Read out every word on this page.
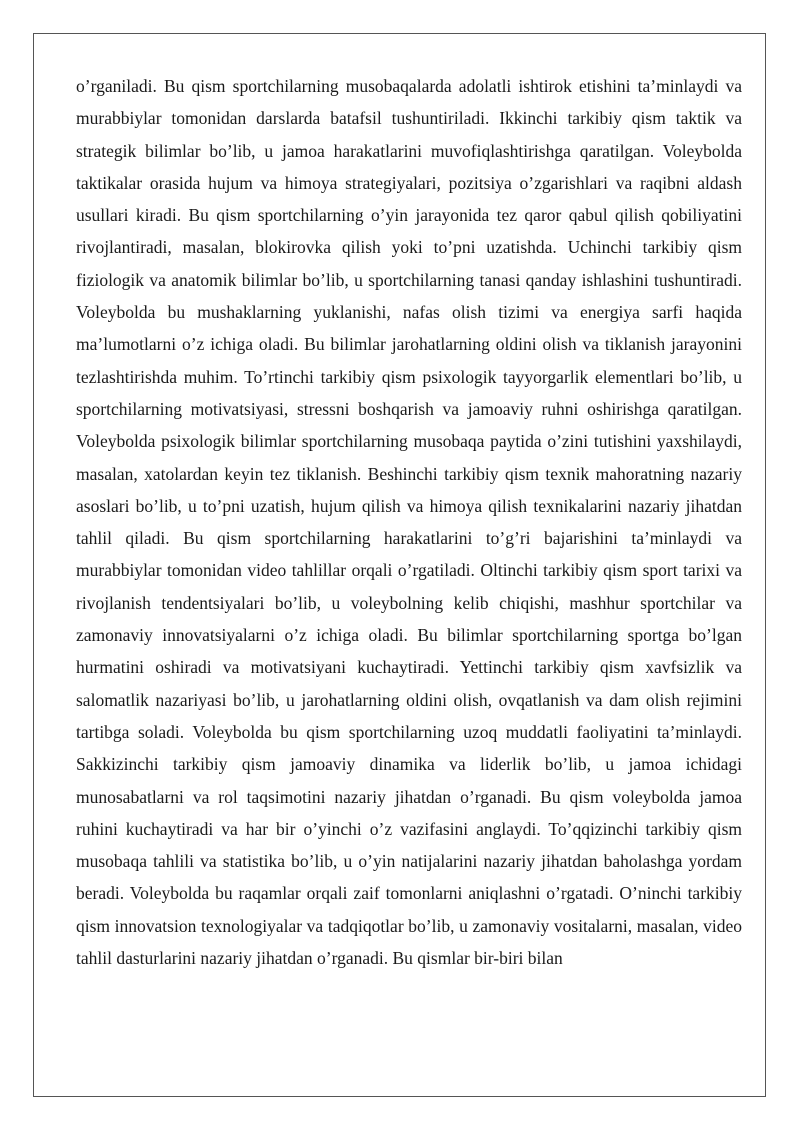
o’rganiladi. Bu qism sportchilarning musobaqalarda adolatli ishtirok etishini ta’minlaydi va murabbiylar tomonidan darslarda batafsil tushuntiriladi. Ikkinchi tarkibiy qism taktik va strategik bilimlar bo’lib, u jamoa harakatlarini muvofiqlashtirishga qaratilgan. Voleybolda taktikalar orasida hujum va himoya strategiyalari, pozitsiya o’zgarishlari va raqibni aldash usullari kiradi. Bu qism sportchilarning o’yin jarayonida tez qaror qabul qilish qobiliyatini rivojlantiradi, masalan, blokirovka qilish yoki to’pni uzatishda. Uchinchi tarkibiy qism fiziologik va anatomik bilimlar bo’lib, u sportchilarning tanasi qanday ishlashini tushuntiradi. Voleybolda bu mushaklarning yuklanishi, nafas olish tizimi va energiya sarfi haqida ma’lumotlarni o’z ichiga oladi. Bu bilimlar jarohatlarning oldini olish va tiklanish jarayonini tezlashtirishda muhim. To’rtinchi tarkibiy qism psixologik tayyorgarlik elementlari bo’lib, u sportchilarning motivatsiyasi, stressni boshqarish va jamoaviy ruhni oshirishga qaratilgan. Voleybolda psixologik bilimlar sportchilarning musobaqa paytida o’zini tutishini yaxshilaydi, masalan, xatolardan keyin tez tiklanish. Beshinchi tarkibiy qism texnik mahoratning nazariy asoslari bo’lib, u to’pni uzatish, hujum qilish va himoya qilish texnikalarini nazariy jihatdan tahlil qiladi. Bu qism sportchilarning harakatlarini to’g’ri bajarishini ta’minlaydi va murabbiylar tomonidan video tahlillar orqali o’rgatiladi. Oltinchi tarkibiy qism sport tarixi va rivojlanish tendentsiyalari bo’lib, u voleybolning kelib chiqishi, mashhur sportchilar va zamonaviy innovatsiyalarni o’z ichiga oladi. Bu bilimlar sportchilarning sportga bo’lgan hurmatini oshiradi va motivatsiyani kuchaytiradi. Yettinchi tarkibiy qism xavfsizlik va salomatlik nazariyasi bo’lib, u jarohatlarning oldini olish, ovqatlanish va dam olish rejimini tartibga soladi. Voleybolda bu qism sportchilarning uzoq muddatli faoliyatini ta’minlaydi. Sakkizinchi tarkibiy qism jamoaviy dinamika va liderlik bo’lib, u jamoa ichidagi munosabatlarni va rol taqsimotini nazariy jihatdan o’rganadi. Bu qism voleybolda jamoa ruhini kuchaytiradi va har bir o’yinchi o’z vazifasini anglaydi. To’qqizinchi tarkibiy qism musobaqa tahlili va statistika bo’lib, u o’yin natijalarini nazariy jihatdan baholashga yordam beradi. Voleybolda bu raqamlar orqali zaif tomonlarni aniqlashni o’rgatadi. O’ninchi tarkibiy qism innovatsion texnologiyalar va tadqiqotlar bo’lib, u zamonaviy vositalarni, masalan, video tahlil dasturlarini nazariy jihatdan o’rganadi. Bu qismlar bir-biri bilan
